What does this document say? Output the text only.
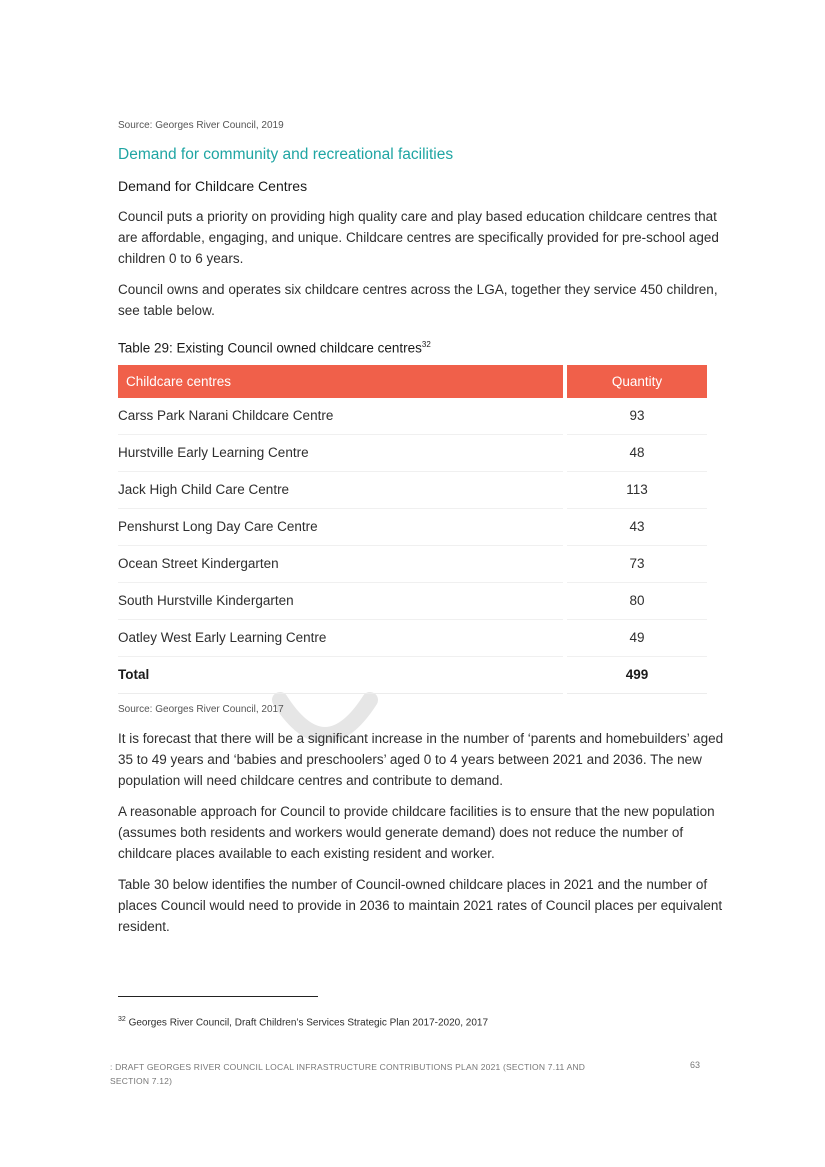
Source: Georges River Council, 2019

Demand for community and recreational facilities
Demand for Childcare Centres

Council puts a priority on providing high quality care and play based education childcare centres that are affordable, engaging, and unique. Childcare centres are specifically provided for pre-school aged children 0 to 6 years.

Council owns and operates six childcare centres across the LGA, together they service 450 children, see table below.

Table 29: Existing Council owned childcare centres$^{32}$
Childcare centres	Quantity
Carss Park Narani Childcare Centre	93
Hurstville Early Learning Centre	48
Jack High Child Care Centre	113
Penshurst Long Day Care Centre	43
Ocean Street Kindergarten	73
South Hurstville Kindergarten	80
Oatley West Early Learning Centre	49
Total	499

Source: Georges River Council, 2017

It is forecast that there will be a significant increase in the number of ‘parents and homebuilders’ aged 35 to 49 years and ‘babies and preschoolers’ aged 0 to 4 years between 2021 and 2036. The new population will need childcare centres and contribute to demand.

A reasonable approach for Council to provide childcare facilities is to ensure that the new population (assumes both residents and workers would generate demand) does not reduce the number of childcare places available to each existing resident and worker.

Table 30 below identifies the number of Council-owned childcare places in 2021 and the number of places Council would need to provide in 2036 to maintain 2021 rates of Council places per equivalent resident.

$^{32}$ Georges River Council, Draft Children’s Services Strategic Plan 2017-2020, 2017
: DRAFT GEORGES RIVER COUNCIL LOCAL INFRASTRUCTURE CONTRIBUTIONS PLAN 2021 (SECTION 7.11 AND SECTION 7.12)
63
